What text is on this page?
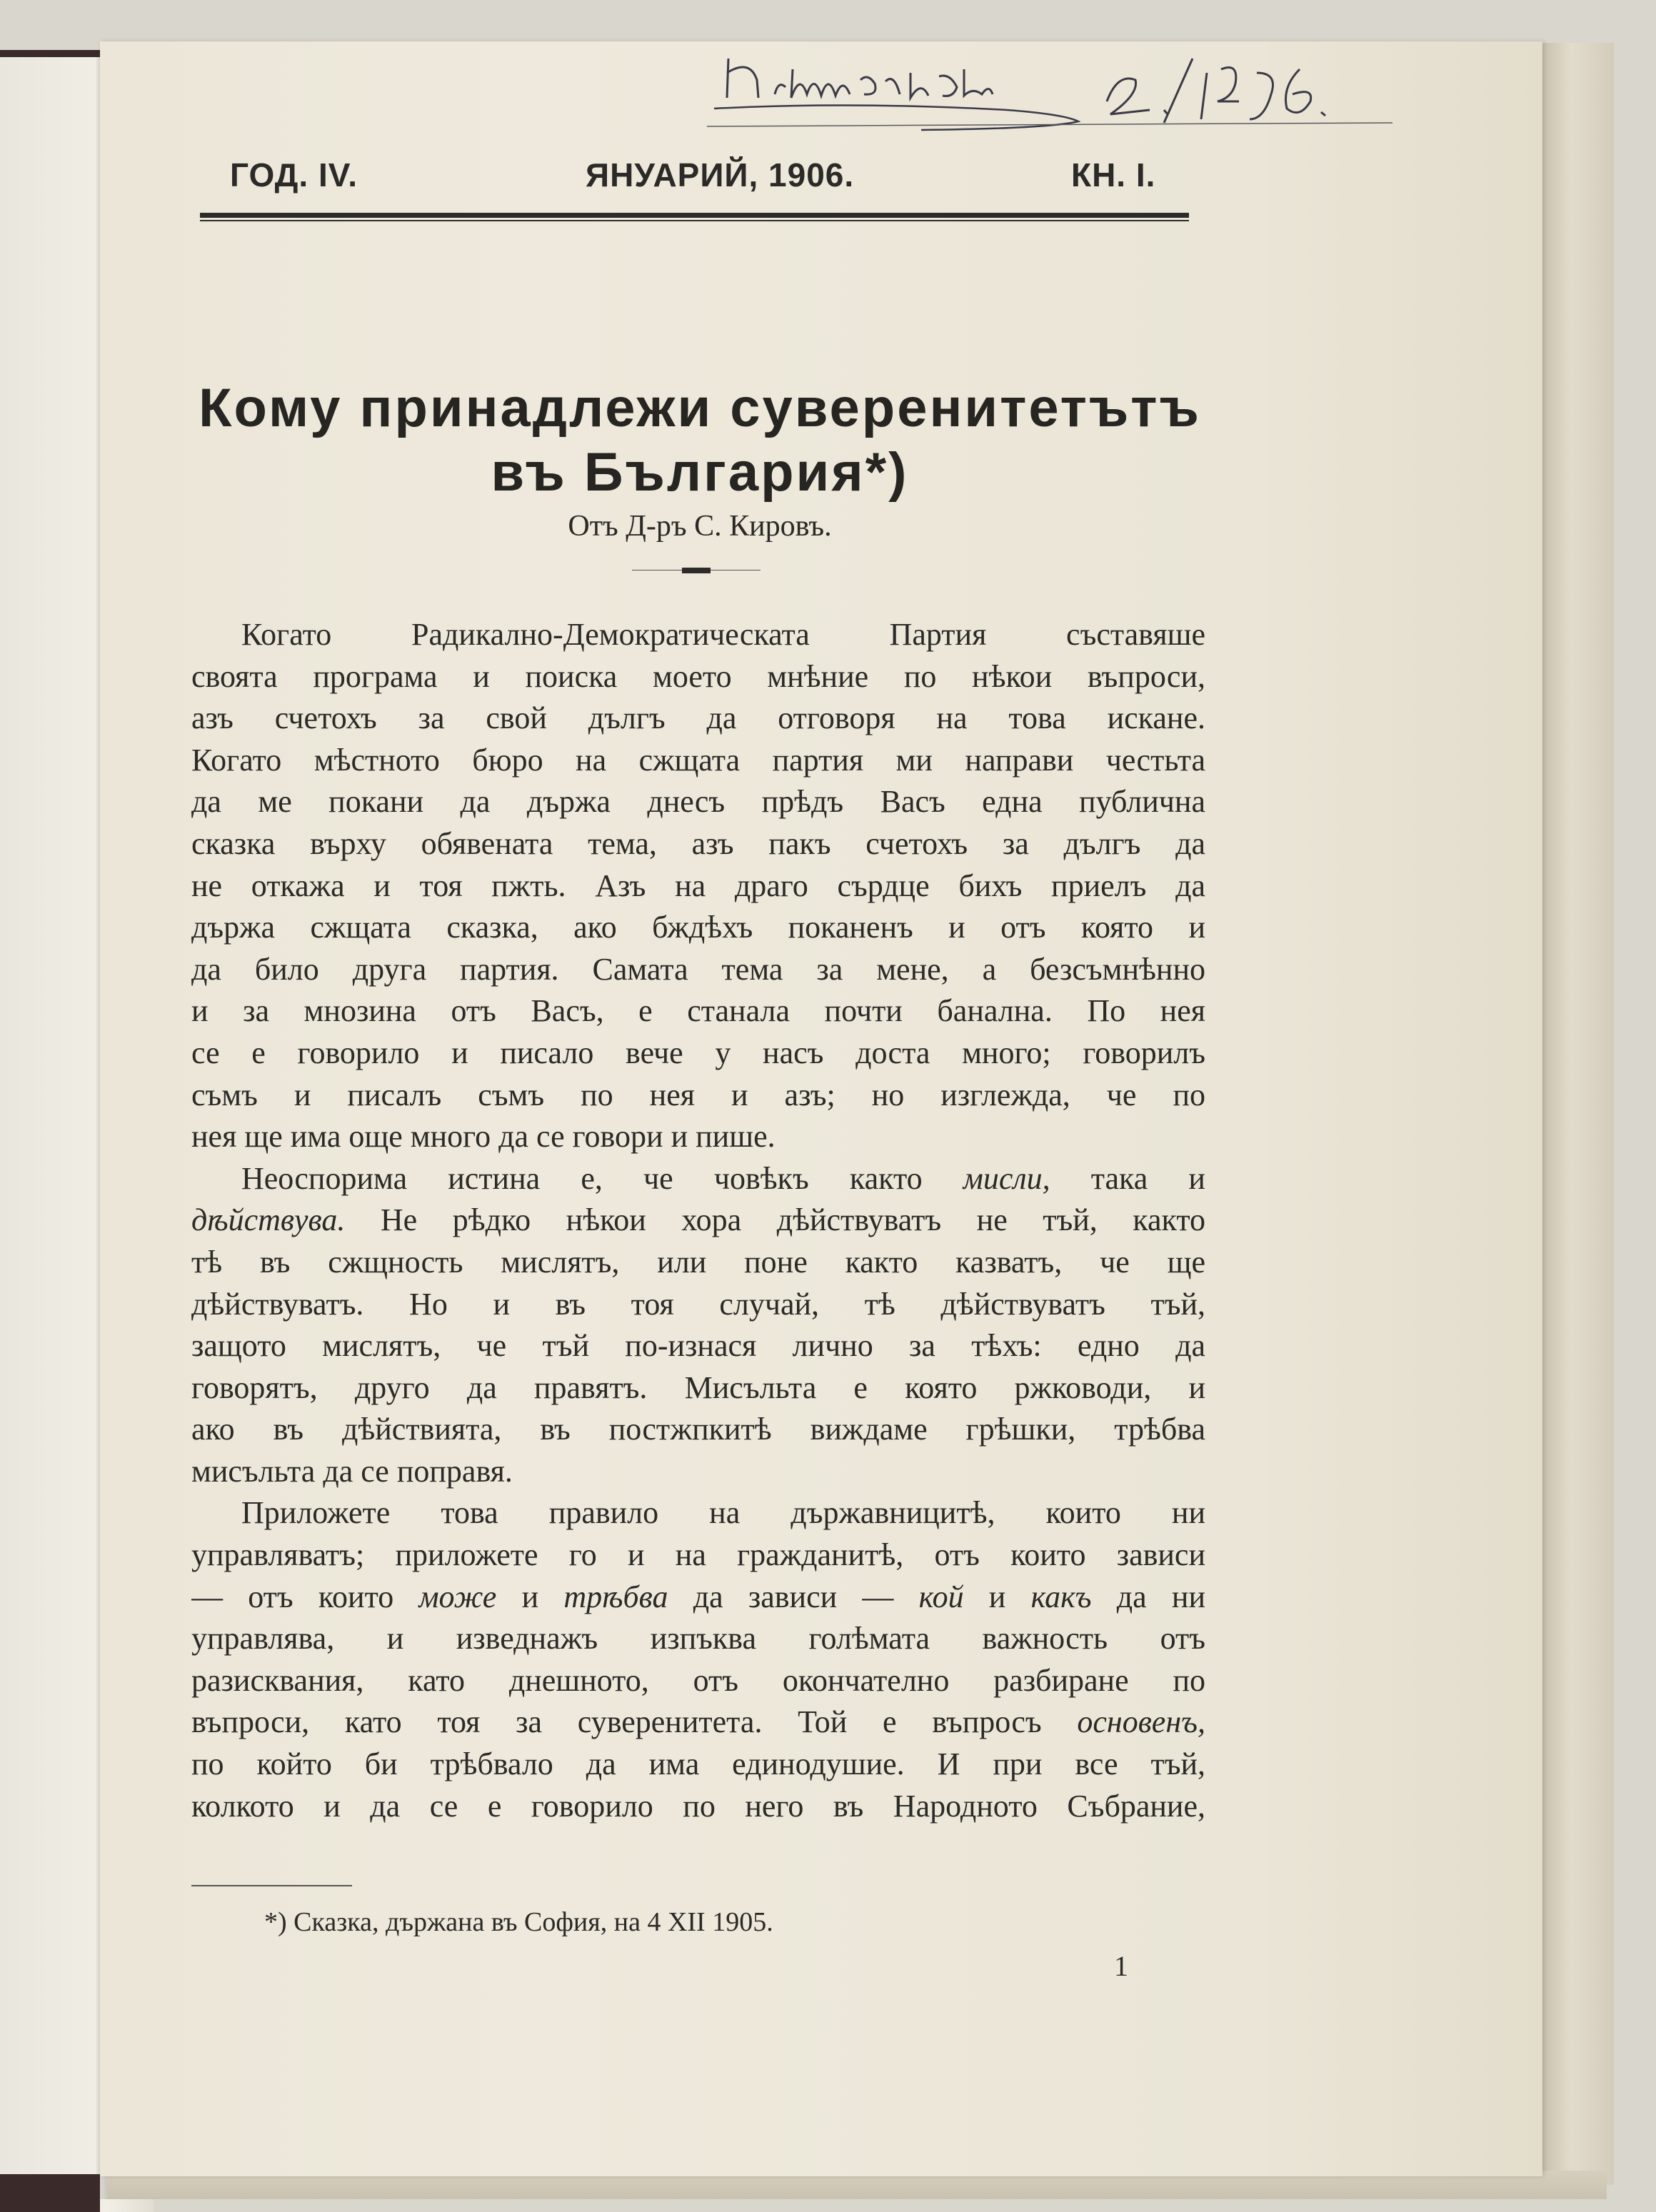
ГОД. IV.	ЯНУАРИЙ, 1906.	КН. I.
Кому принадлежи суверенитетътъ
въ България*)
Отъ Д-ръ С. Кировъ.
Когато Радикално-Демократическата Партия съставяше
своята програма и поиска моето мнѣние по нѣкои въпроси,
азъ счетохъ за свой дългъ да отговоря на това искане.
Когато мѣстното бюро на сжщата партия ми направи честьта
да ме покани да държа днесъ прѣдъ Васъ една публична
сказка върху обявената тема, азъ пакъ счетохъ за дългъ да
не откажа и тоя пжть. Азъ на драго сърдце бихъ приелъ да
държа сжщата сказка, ако бждѣхъ поканенъ и отъ която и
да било друга партия. Самата тема за мене, а безсъмнѣнно
и за мнозина отъ Васъ, е станала почти банална. По нея
се е говорило и писало вече у насъ доста много; говорилъ
съмъ и писалъ съмъ по нея и азъ; но изглежда, че по
нея ще има още много да се говори и пише.
Неоспорима истина е, че човѣкъ както мисли, така и
дѣйствува. Не рѣдко нѣкои хора дѣйствуватъ не тъй, както
тѣ въ сжщность мислятъ, или поне както казватъ, че ще
дѣйствуватъ. Но и въ тоя случай, тѣ дѣйствуватъ тъй,
защото мислятъ, че тъй по-изнася лично за тѣхъ: едно да
говорятъ, друго да правятъ. Мисъльта е която ржководи, и
ако въ дѣйствията, въ постжпкитѣ виждаме грѣшки, трѣбва
мисъльта да се поправя.
Приложете това правило на държавницитѣ, които ни
управляватъ; приложете го и на гражданитѣ, отъ които зависи
— отъ които може и трѣбва да зависи — кой и какъ да ни
управлява, и изведнажъ изпъква голѣмата важность отъ
разисквания, като днешното, отъ окончателно разбиране по
въпроси, като тоя за суверенитета. Той е въпросъ основенъ,
по който би трѣбвало да има единодушие. И при все тъй,
колкото и да се е говорило по него въ Народното Събрание,
*) Сказка, държана въ София, на 4 XII 1905.
1
